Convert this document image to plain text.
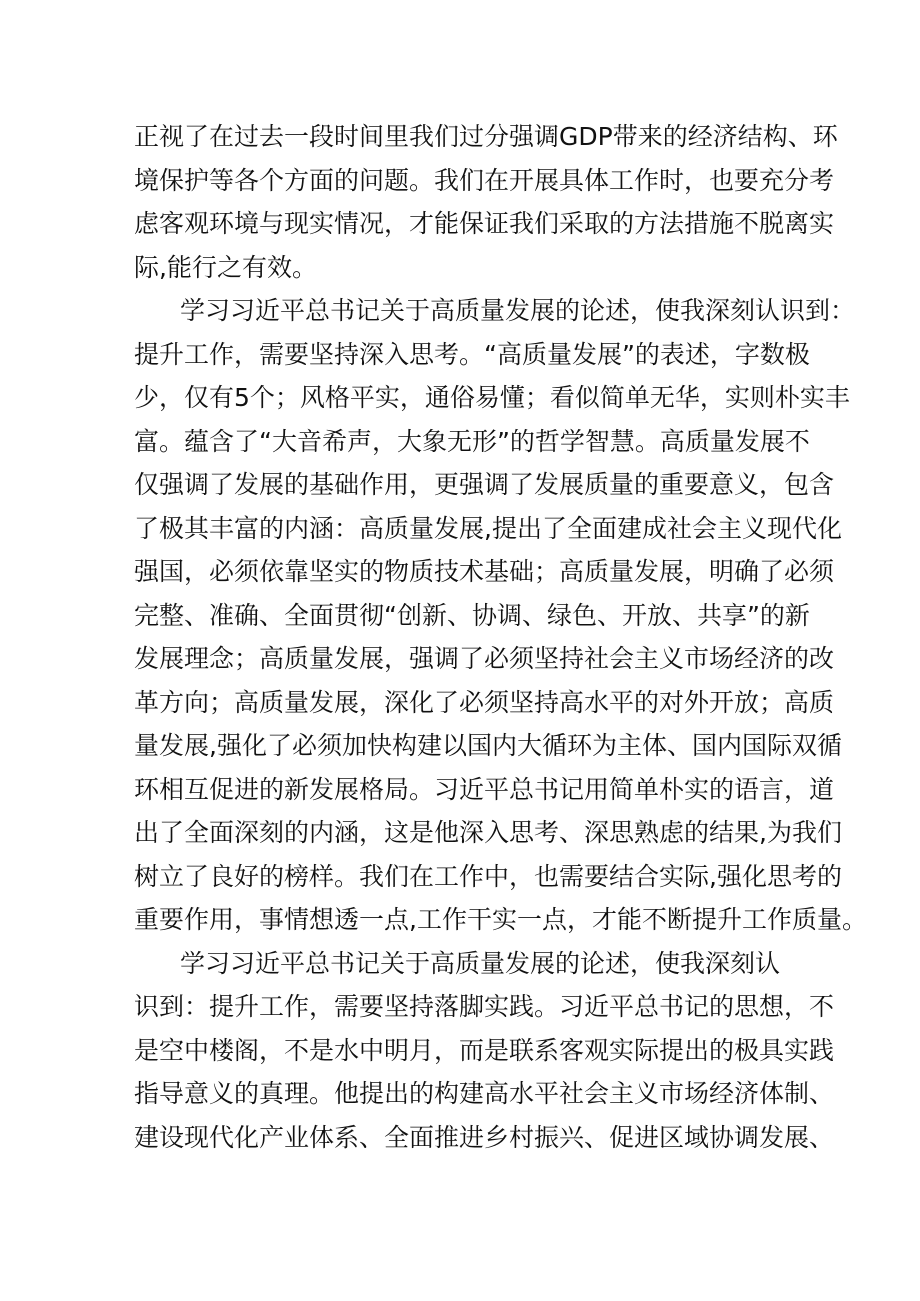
正视了在过去一段时间里我们过分强调GDP带来的经济结构、环
境保护等各个方面的问题。我们在开展具体工作时，也要充分考
虑客观环境与现实情况，才能保证我们采取的方法措施不脱离实
际,能行之有效。
学习习近平总书记关于高质量发展的论述，使我深刻认识到：
提升工作，需要坚持深入思考。“高质量发展”的表述，字数极
少，仅有5个；风格平实，通俗易懂；看似简单无华，实则朴实丰
富。蕴含了“大音希声，大象无形”的哲学智慧。高质量发展不
仅强调了发展的基础作用，更强调了发展质量的重要意义，包含
了极其丰富的内涵：高质量发展,提出了全面建成社会主义现代化
强国，必须依靠坚实的物质技术基础；高质量发展，明确了必须
完整、准确、全面贯彻“创新、协调、绿色、开放、共享”的新
发展理念；高质量发展，强调了必须坚持社会主义市场经济的改
革方向；高质量发展，深化了必须坚持高水平的对外开放；高质
量发展,强化了必须加快构建以国内大循环为主体、国内国际双循
环相互促进的新发展格局。习近平总书记用简单朴实的语言，道
出了全面深刻的内涵，这是他深入思考、深思熟虑的结果,为我们
树立了良好的榜样。我们在工作中，也需要结合实际,强化思考的
重要作用，事情想透一点,工作干实一点，才能不断提升工作质量。
学习习近平总书记关于高质量发展的论述，使我深刻认
识到：提升工作，需要坚持落脚实践。习近平总书记的思想，不
是空中楼阁，不是水中明月，而是联系客观实际提出的极具实践
指导意义的真理。他提出的构建高水平社会主义市场经济体制、
建设现代化产业体系、全面推进乡村振兴、促进区域协调发展、
